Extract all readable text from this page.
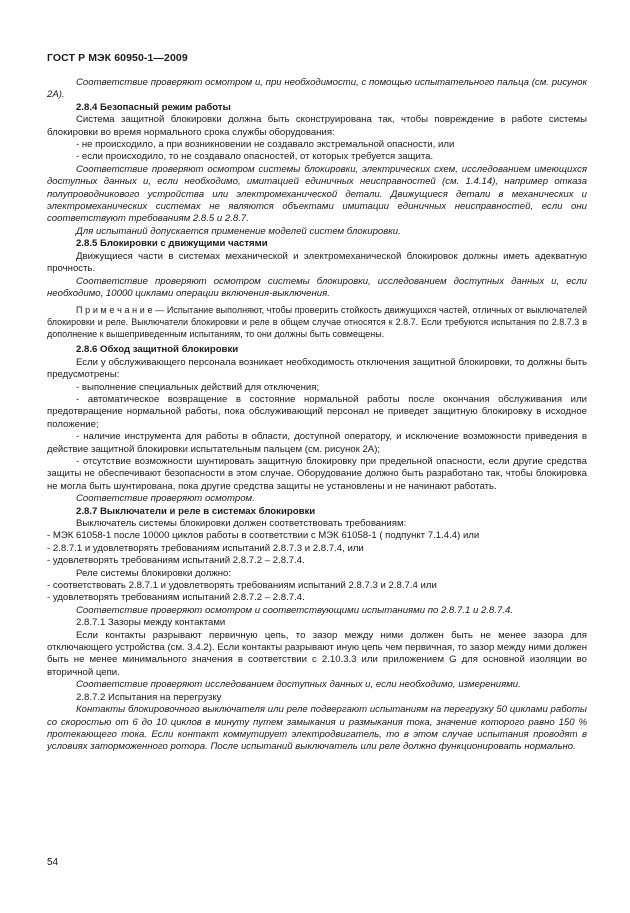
ГОСТ Р МЭК 60950-1—2009

Соответствие проверяют осмотром и, при необходимости, с помощью испытательного пальца (см. рисунок 2А).

2.8.4 Безопасный режим работы

Система защитной блокировки должна быть сконструирована так, чтобы повреждение в работе системы блокировки во время нормального срока службы оборудования:

- не происходило, а при возникновении не создавало экстремальной опасности, или

- если происходило, то не создавало опасностей, от которых требуется защита.

Соответствие проверяют осмотром системы блокировки, электрических схем, исследованием имеющихся доступных данных и, если необходимо, имитацией единичных неисправностей (см. 1.4.14), например отказа полупроводникового устройства или электромеханической детали. Движущиеся детали в механических и электромеханических системах не являются объектами имитации единичных неисправностей, если они соответствуют требованиям 2.8.5 и 2.8.7.

Для испытаний допускается применение моделей систем блокировки.

2.8.5 Блокировки с движущими частями

Движущиеся части в системах механической и электромеханической блокировок должны иметь адекватную прочность.

Соответствие проверяют осмотром системы блокировки, исследованием доступных данных и, если необходимо, 10000 циклами операции включения-выключения.

П р и м е ч а н и е — Испытание выполняют, чтобы проверить стойкость движущихся частей, отличных от выключателей блокировки и реле. Выключатели блокировки и реле в общем случае относятся к 2.8.7. Если требуются испытания по 2.8.7.3 в дополнение к вышеприведенным испытаниям, то они должны быть совмещены.

2.8.6 Обход защитной блокировки

Если у обслуживающего персонала возникает необходимость отключения защитной блокировки, то должны быть предусмотрены:

- выполнение специальных действий для отключения;

- автоматическое возвращение в состояние нормальной работы после окончания обслуживания или предотвращение нормальной работы, пока обслуживающий персонал не приведет защитную блокировку в исходное положение;

- наличие инструмента для работы в области, доступной оператору, и исключение возможности приведения в действие защитной блокировки испытательным пальцем (см. рисунок 2А);

- отсутствие возможности шунтировать защитную блокировку при предельной опасности, если другие средства защиты не обеспечивают безопасности в этом случае. Оборудование должно быть разработано так, чтобы блокировка не могла быть шунтирована, пока другие средства защиты не установлены и не начинают работать.

Соответствие проверяют осмотром.

2.8.7 Выключатели и реле в системах блокировки

Выключатель системы блокировки должен соответствовать требованиям:

- МЭК 61058-1 после 10000 циклов работы в соответствии с МЭК 61058-1 ( подпункт 7.1.4.4) или

- 2.8.7.1 и удовлетворять требованиям испытаний 2.8.7.3 и 2.8.7.4, или

- удовлетворять требованиям испытаний 2.8.7.2 – 2.8.7.4.

Реле системы блокировки должно:

- соответствовать 2.8.7.1 и удовлетворять требованиям испытаний 2.8.7.3 и 2.8.7.4 или

- удовлетворять требованиям испытаний 2.8.7.2 – 2.8.7.4.

Соответствие проверяют осмотром и соответствующими испытаниями по 2.8.7.1 и 2.8.7.4.

2.8.7.1 Зазоры между контактами

Если контакты разрывают первичную цепь, то зазор между ними должен быть не менее зазора для отключающего устройства (см. 3.4.2). Если контакты разрывают иную цепь чем первичная, то зазор между ними должен быть не менее минимального значения в соответствии с 2.10.3.3 или приложением G для основной изоляции во вторичной цепи.

Соответствие проверяют исследованием доступных данных и, если необходимо, измерениями.

2.8.7.2 Испытания на перегрузку

Контакты блокировочного выключателя или реле подвергают испытаниям на перегрузку 50 циклами работы со скоростью от 6 до 10 циклов в минуту путем замыкания и размыкания тока, значение которого равно 150 % протекающего тока. Если контакт коммутирует электродвигатель, то в этом случае испытания проводят в условиях заторможенного ротора. После испытаний выключатель или реле должно функционировать нормально.

54
